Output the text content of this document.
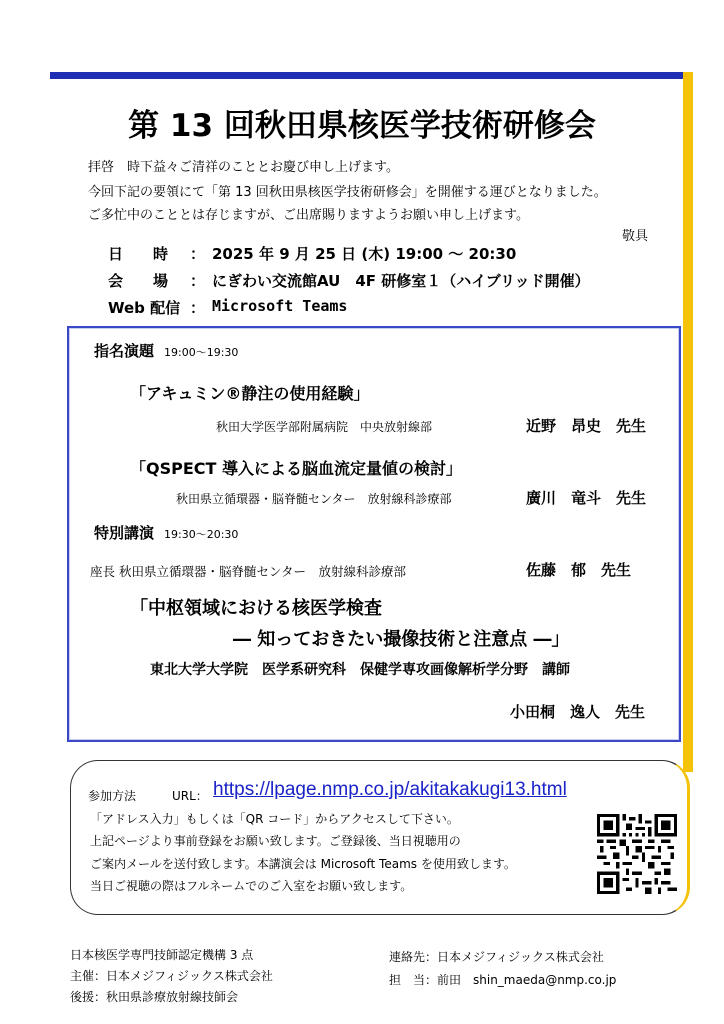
第 13 回秋田県核医学技術研修会
拝啓　時下益々ご清祥のこととお慶び申し上げます。
今回下記の要領にて「第 13 回秋田県核医学技術研修会」を開催する運びとなりました。
ご多忙中のこととは存じますが、ご出席賜りますようお願い申し上げます。
敬具
日　　時 ： 2025 年 9 月 25 日 (木) 19:00 ～ 20:30
会　　場 ： にぎわい交流館AU　4F 研修室１（ハイブリッド開催）
Web 配信 ： Microsoft Teams
指名演題 19:00～19:30
「アキュミン®静注の使用経験」
秋田大学医学部附属病院　中央放射線部	近野　昂史　先生
「QSPECT 導入による脳血流定量値の検討」
秋田県立循環器・脳脊髄センター　放射線科診療部	廣川　竜斗　先生
特別講演 19:30～20:30
座長 秋田県立循環器・脳脊髄センター　放射線科診療部	佐藤　郁　先生
「中枢領域における核医学検査
― 知っておきたい撮像技術と注意点 ―」
東北大学大学院　医学系研究科　保健学専攻画像解析学分野　講師
小田桐　逸人　先生
参加方法	URL： https://lpage.nmp.co.jp/akitakakugi13.html
「アドレス入力」もしくは「QR コード」からアクセスして下さい。
上記ページより事前登録をお願い致します。ご登録後、当日視聴用の
ご案内メールを送付致します。本講演会は Microsoft Teams を使用致します。
当日ご視聴の際はフルネームでのご入室をお願い致します。
日本核医学専門技師認定機構 3 点
主催：日本メジフィジックス株式会社
後援：秋田県診療放射線技師会
連絡先：日本メジフィジックス株式会社
担　当：前田　shin_maeda@nmp.co.jp
